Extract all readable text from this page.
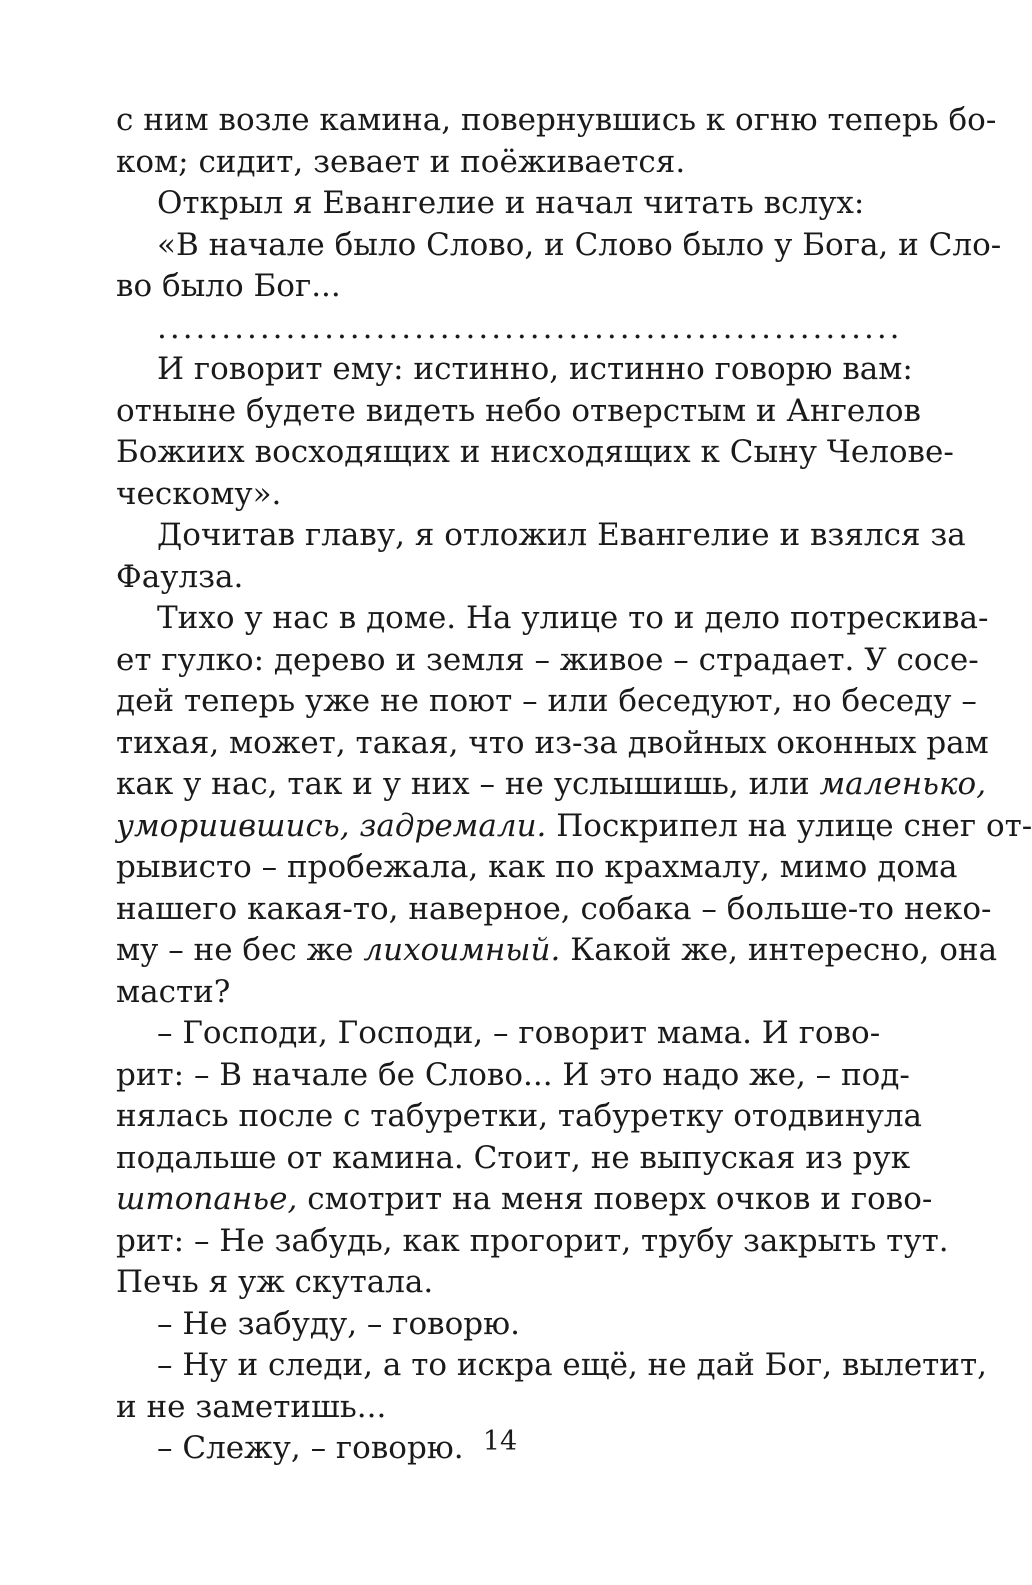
с ним возле камина, повернувшись к огню теперь бо-
ком; сидит, зевает и поёживается.
Открыл я Евангелие и начал читать вслух:
«В начале было Слово, и Слово было у Бога, и Сло-
во было Бог...
..........................................................
И говорит ему: истинно, истинно говорю вам:
отныне будете видеть небо отверстым и Ангелов
Божиих восходящих и нисходящих к Сыну Челове-
ческому».
Дочитав главу, я отложил Евангелие и взялся за
Фаулза.
Тихо у нас в доме. На улице то и дело потрескива-
ет гулко: дерево и земля – живое – страдает. У сосе-
дей теперь уже не поют – или беседуют, но беседу –
тихая, может, такая, что из-за двойных оконных рам
как у нас, так и у них – не услышишь, или маленько,
умориившись, задремали. Поскрипел на улице снег от-
рывисто – пробежала, как по крахмалу, мимо дома
нашего какая-то, наверное, собака – больше-то неко-
му – не бес же лихоимный. Какой же, интересно, она
масти?
– Господи, Господи, – говорит мама. И гово-
рит: – В начале бе Слово... И это надо же, – под-
нялась после с табуретки, табуретку отодвинула
подальше от камина. Стоит, не выпуская из рук
штопанье, смотрит на меня поверх очков и гово-
рит: – Не забудь, как прогорит, трубу закрыть тут.
Печь я уж скутала.
– Не забуду, – говорю.
– Ну и следи, а то искра ещё, не дай Бог, вылетит,
и не заметишь...
– Слежу, – говорю. 14
